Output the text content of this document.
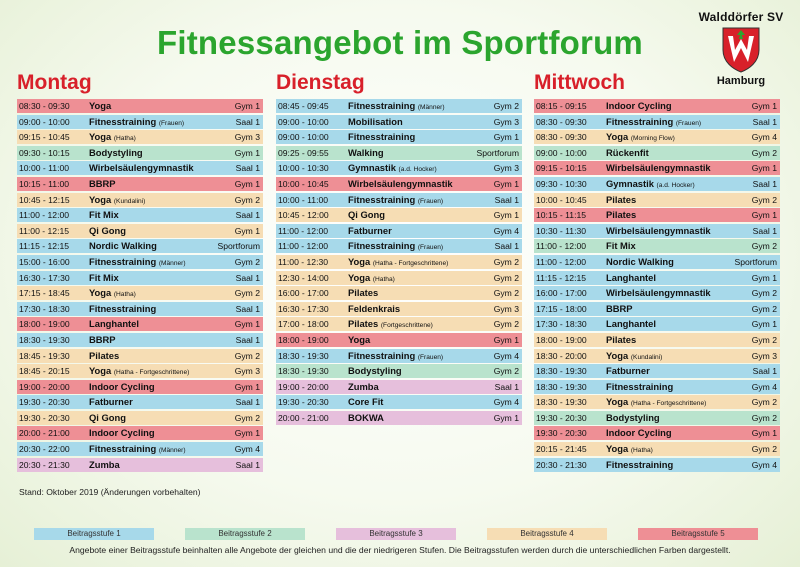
Fitnessangebot im Sportforum
Walddörfer SV
Hamburg
Montag
08:30 - 09:30 Yoga	Gym 1
09:00 - 10:00 Fitnesstraining (Frauen)	Saal 1
09:15 - 10:45 Yoga (Hatha)	Gym 3
09:30 - 10:15 Bodystyling	Gym 1
10:00 - 11:00 Wirbelsäulengymnastik	Saal 1
10:15 - 11:00 BBRP	Gym 1
10:45 - 12:15 Yoga (Kundalini)	Gym 2
11:00 - 12:00 Fit Mix	Saal 1
11:00 - 12:15 Qi Gong	Gym 1
11:15 - 12:15 Nordic Walking	Sportforum
15:00 - 16:00 Fitnesstraining (Männer)	Gym 2
16:30 - 17:30 Fit Mix	Saal 1
17:15 - 18:45 Yoga (Hatha)	Gym 2
17:30 - 18:30 Fitnesstraining	Saal 1
18:00 - 19:00 Langhantel	Gym 1
18:30 - 19:30 BBRP	Saal 1
18:45 - 19:30 Pilates	Gym 2
18:45 - 20:15 Yoga (Hatha - Fortgeschrittene)	Gym 3
19:00 - 20:00 Indoor Cycling	Gym 1
19:30 - 20:30 Fatburner	Saal 1
19:30 - 20:30 Qi Gong	Gym 2
20:00 - 21:00 Indoor Cycling	Gym 1
20:30 - 22:00 Fitnesstraining (Männer)	Gym 4
20:30 - 21:30 Zumba	Saal 1
Dienstag
08:45 - 09:45 Fitnesstraining (Männer)	Gym 2
09:00 - 10:00 Mobilisation	Gym 3
09:00 - 10:00 Fitnesstraining	Gym 1
09:25 - 09:55 Walking	Sportforum
10:00 - 10:30 Gymnastik (a.d. Hocker)	Gym 3
10:00 - 10:45 Wirbelsäulengymnastik	Gym 1
10:00 - 11:00 Fitnesstraining (Frauen)	Saal 1
10:45 - 12:00 Qi Gong	Gym 1
11:00 - 12:00 Fatburner	Gym 4
11:00 - 12:00 Fitnesstraining (Frauen)	Saal 1
11:00 - 12:30 Yoga (Hatha - Fortgeschrittene)	Gym 2
12:30 - 14:00 Yoga (Hatha)	Gym 2
16:00 - 17:00 Pilates	Gym 2
16:30 - 17:30 Feldenkrais	Gym 3
17:00 - 18:00 Pilates (Fortgeschrittene)	Gym 2
18:00 - 19:00 Yoga	Gym 1
18:30 - 19:30 Fitnesstraining (Frauen)	Gym 4
18:30 - 19:30 Bodystyling	Gym 2
19:00 - 20:00 Zumba	Saal 1
19:30 - 20:30 Core Fit	Gym 4
20:00 - 21:00 BOKWA	Gym 1
Mittwoch
08:15 - 09:15 Indoor Cycling	Gym 1
08:30 - 09:30 Fitnesstraining (Frauen)	Saal 1
08:30 - 09:30 Yoga (Morning Flow)	Gym 4
09:00 - 10:00 Rückenfit	Gym 2
09:15 - 10:15 Wirbelsäulengymnastik	Gym 1
09:30 - 10:30 Gymnastik (a.d. Hocker)	Saal 1
10:00 - 10:45 Pilates	Gym 2
10:15 - 11:15 Pilates	Gym 1
10:30 - 11:30 Wirbelsäulengymnastik	Saal 1
11:00 - 12:00 Fit Mix	Gym 2
11:00 - 12:00 Nordic Walking	Sportforum
11:15 - 12:15 Langhantel	Gym 1
16:00 - 17:00 Wirbelsäulengymnastik	Gym 2
17:15 - 18:00 BBRP	Gym 2
17:30 - 18:30 Langhantel	Gym 1
18:00 - 19:00 Pilates	Gym 2
18:30 - 20:00 Yoga (Kundalini)	Gym 3
18:30 - 19:30 Fatburner	Saal 1
18:30 - 19:30 Fitnesstraining	Gym 4
18:30 - 19:30 Yoga (Hatha - Fortgeschrittene)	Gym 2
19:30 - 20:30 Bodystyling	Gym 2
19:30 - 20:30 Indoor Cycling	Gym 1
20:15 - 21:45 Yoga (Hatha)	Gym 2
20:30 - 21:30 Fitnesstraining	Gym 4
Stand: Oktober 2019 (Änderungen vorbehalten)
Beitragsstufe 1	Beitragsstufe 2	Beitragsstufe 3	Beitragsstufe 4	Beitragsstufe 5
Angebote einer Beitragsstufe beinhalten alle Angebote der gleichen und die der niedrigeren Stufen. Die Beitragsstufen werden durch die unterschiedlichen Farben dargestellt.
